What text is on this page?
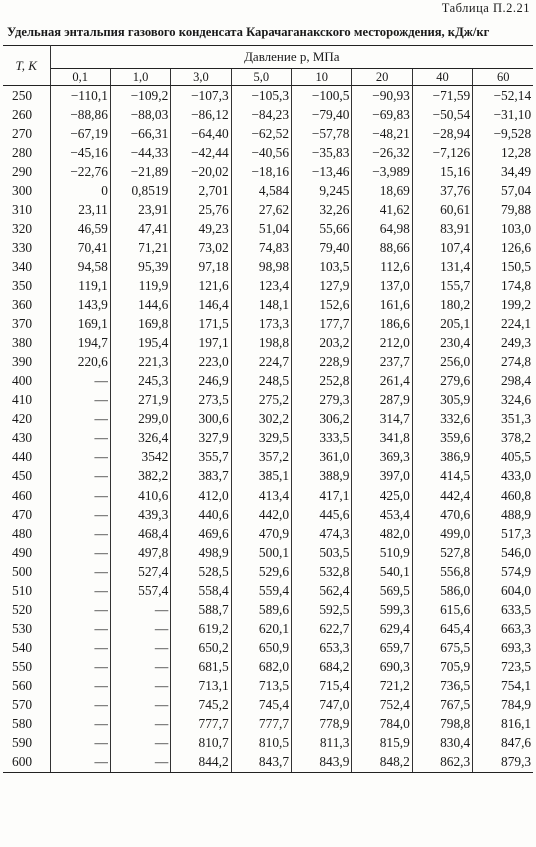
Таблица П.2.21
Удельная энтальпия газового конденсата Карачаганакского месторождения, кДж/кг
T, K	Давление p, МПа							
	0,1	1,0	3,0	5,0	10	20	40	60
250	−110,1	−109,2	−107,3	−105,3	−100,5	−90,93	−71,59	−52,14
260	−88,86	−88,03	−86,12	−84,23	−79,40	−69,83	−50,54	−31,10
270	−67,19	−66,31	−64,40	−62,52	−57,78	−48,21	−28,94	−9,528
280	−45,16	−44,33	−42,44	−40,56	−35,83	−26,32	−7,126	12,28
290	−22,76	−21,89	−20,02	−18,16	−13,46	−3,989	15,16	34,49
300	0	0,8519	2,701	4,584	9,245	18,69	37,76	57,04
310	23,11	23,91	25,76	27,62	32,26	41,62	60,61	79,88
320	46,59	47,41	49,23	51,04	55,66	64,98	83,91	103,0
330	70,41	71,21	73,02	74,83	79,40	88,66	107,4	126,6
340	94,58	95,39	97,18	98,98	103,5	112,6	131,4	150,5
350	119,1	119,9	121,6	123,4	127,9	137,0	155,7	174,8
360	143,9	144,6	146,4	148,1	152,6	161,6	180,2	199,2
370	169,1	169,8	171,5	173,3	177,7	186,6	205,1	224,1
380	194,7	195,4	197,1	198,8	203,2	212,0	230,4	249,3
390	220,6	221,3	223,0	224,7	228,9	237,7	256,0	274,8
400	—	245,3	246,9	248,5	252,8	261,4	279,6	298,4
410	—	271,9	273,5	275,2	279,3	287,9	305,9	324,6
420	—	299,0	300,6	302,2	306,2	314,7	332,6	351,3
430	—	326,4	327,9	329,5	333,5	341,8	359,6	378,2
440	—	3542	355,7	357,2	361,0	369,3	386,9	405,5
450	—	382,2	383,7	385,1	388,9	397,0	414,5	433,0
460	—	410,6	412,0	413,4	417,1	425,0	442,4	460,8
470	—	439,3	440,6	442,0	445,6	453,4	470,6	488,9
480	—	468,4	469,6	470,9	474,3	482,0	499,0	517,3
490	—	497,8	498,9	500,1	503,5	510,9	527,8	546,0
500	—	527,4	528,5	529,6	532,8	540,1	556,8	574,9
510	—	557,4	558,4	559,4	562,4	569,5	586,0	604,0
520	—	—	588,7	589,6	592,5	599,3	615,6	633,5
530	—	—	619,2	620,1	622,7	629,4	645,4	663,3
540	—	—	650,2	650,9	653,3	659,7	675,5	693,3
550	—	—	681,5	682,0	684,2	690,3	705,9	723,5
560	—	—	713,1	713,5	715,4	721,2	736,5	754,1
570	—	—	745,2	745,4	747,0	752,4	767,5	784,9
580	—	—	777,7	777,7	778,9	784,0	798,8	816,1
590	—	—	810,7	810,5	811,3	815,9	830,4	847,6
600	—	—	844,2	843,7	843,9	848,2	862,3	879,3
